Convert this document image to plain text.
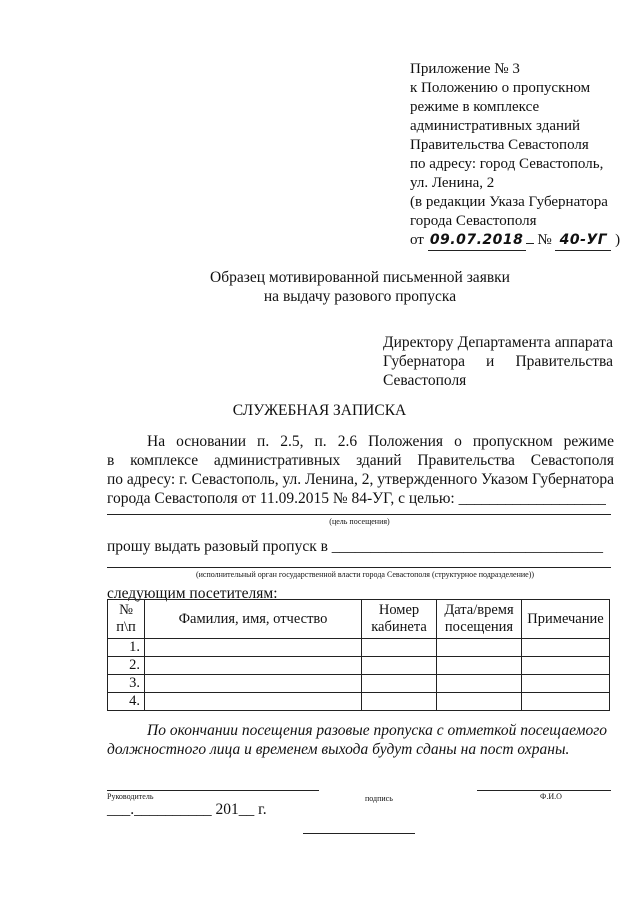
Приложение № 3
к Положению о пропускном
режиме в комплексе
административных зданий
Правительства Севастополя
по адресу: город Севастополь,
ул. Ленина, 2
(в редакции Указа Губернатора
города Севастополя
от 09.07.2018 № 40-УГ )
Образец мотивированной письменной заявки
на выдачу разового пропуска
Директору Департамента аппарата
Губернатора и Правительства
Севастополя
СЛУЖЕБНАЯ ЗАПИСКА
На основании п. 2.5, п. 2.6 Положения о пропускном режиме
в комплексе административных зданий Правительства Севастополя
по адресу: г. Севастополь, ул. Ленина, 2, утвержденного Указом Губернатора
города Севастополя от 11.09.2015 № 84-УГ, с целью: ___________________
(цель посещения)
прошу выдать разовый пропуск в ___________________________________
(исполнительный орган государственной власти города Севастополя (структурное подразделение))
следующим посетителям:
№ п\п	Фамилия, имя, отчество	Номер кабинета	Дата/время посещения	Примечание
1.				
2.				
3.				
4.				
По окончании посещения разовые пропуска с отметкой посещаемого
должностного лица и временем выхода будут сданы на пост охраны.
Руководитель	подпись	Ф.И.О
___.__________ 201__ г.
